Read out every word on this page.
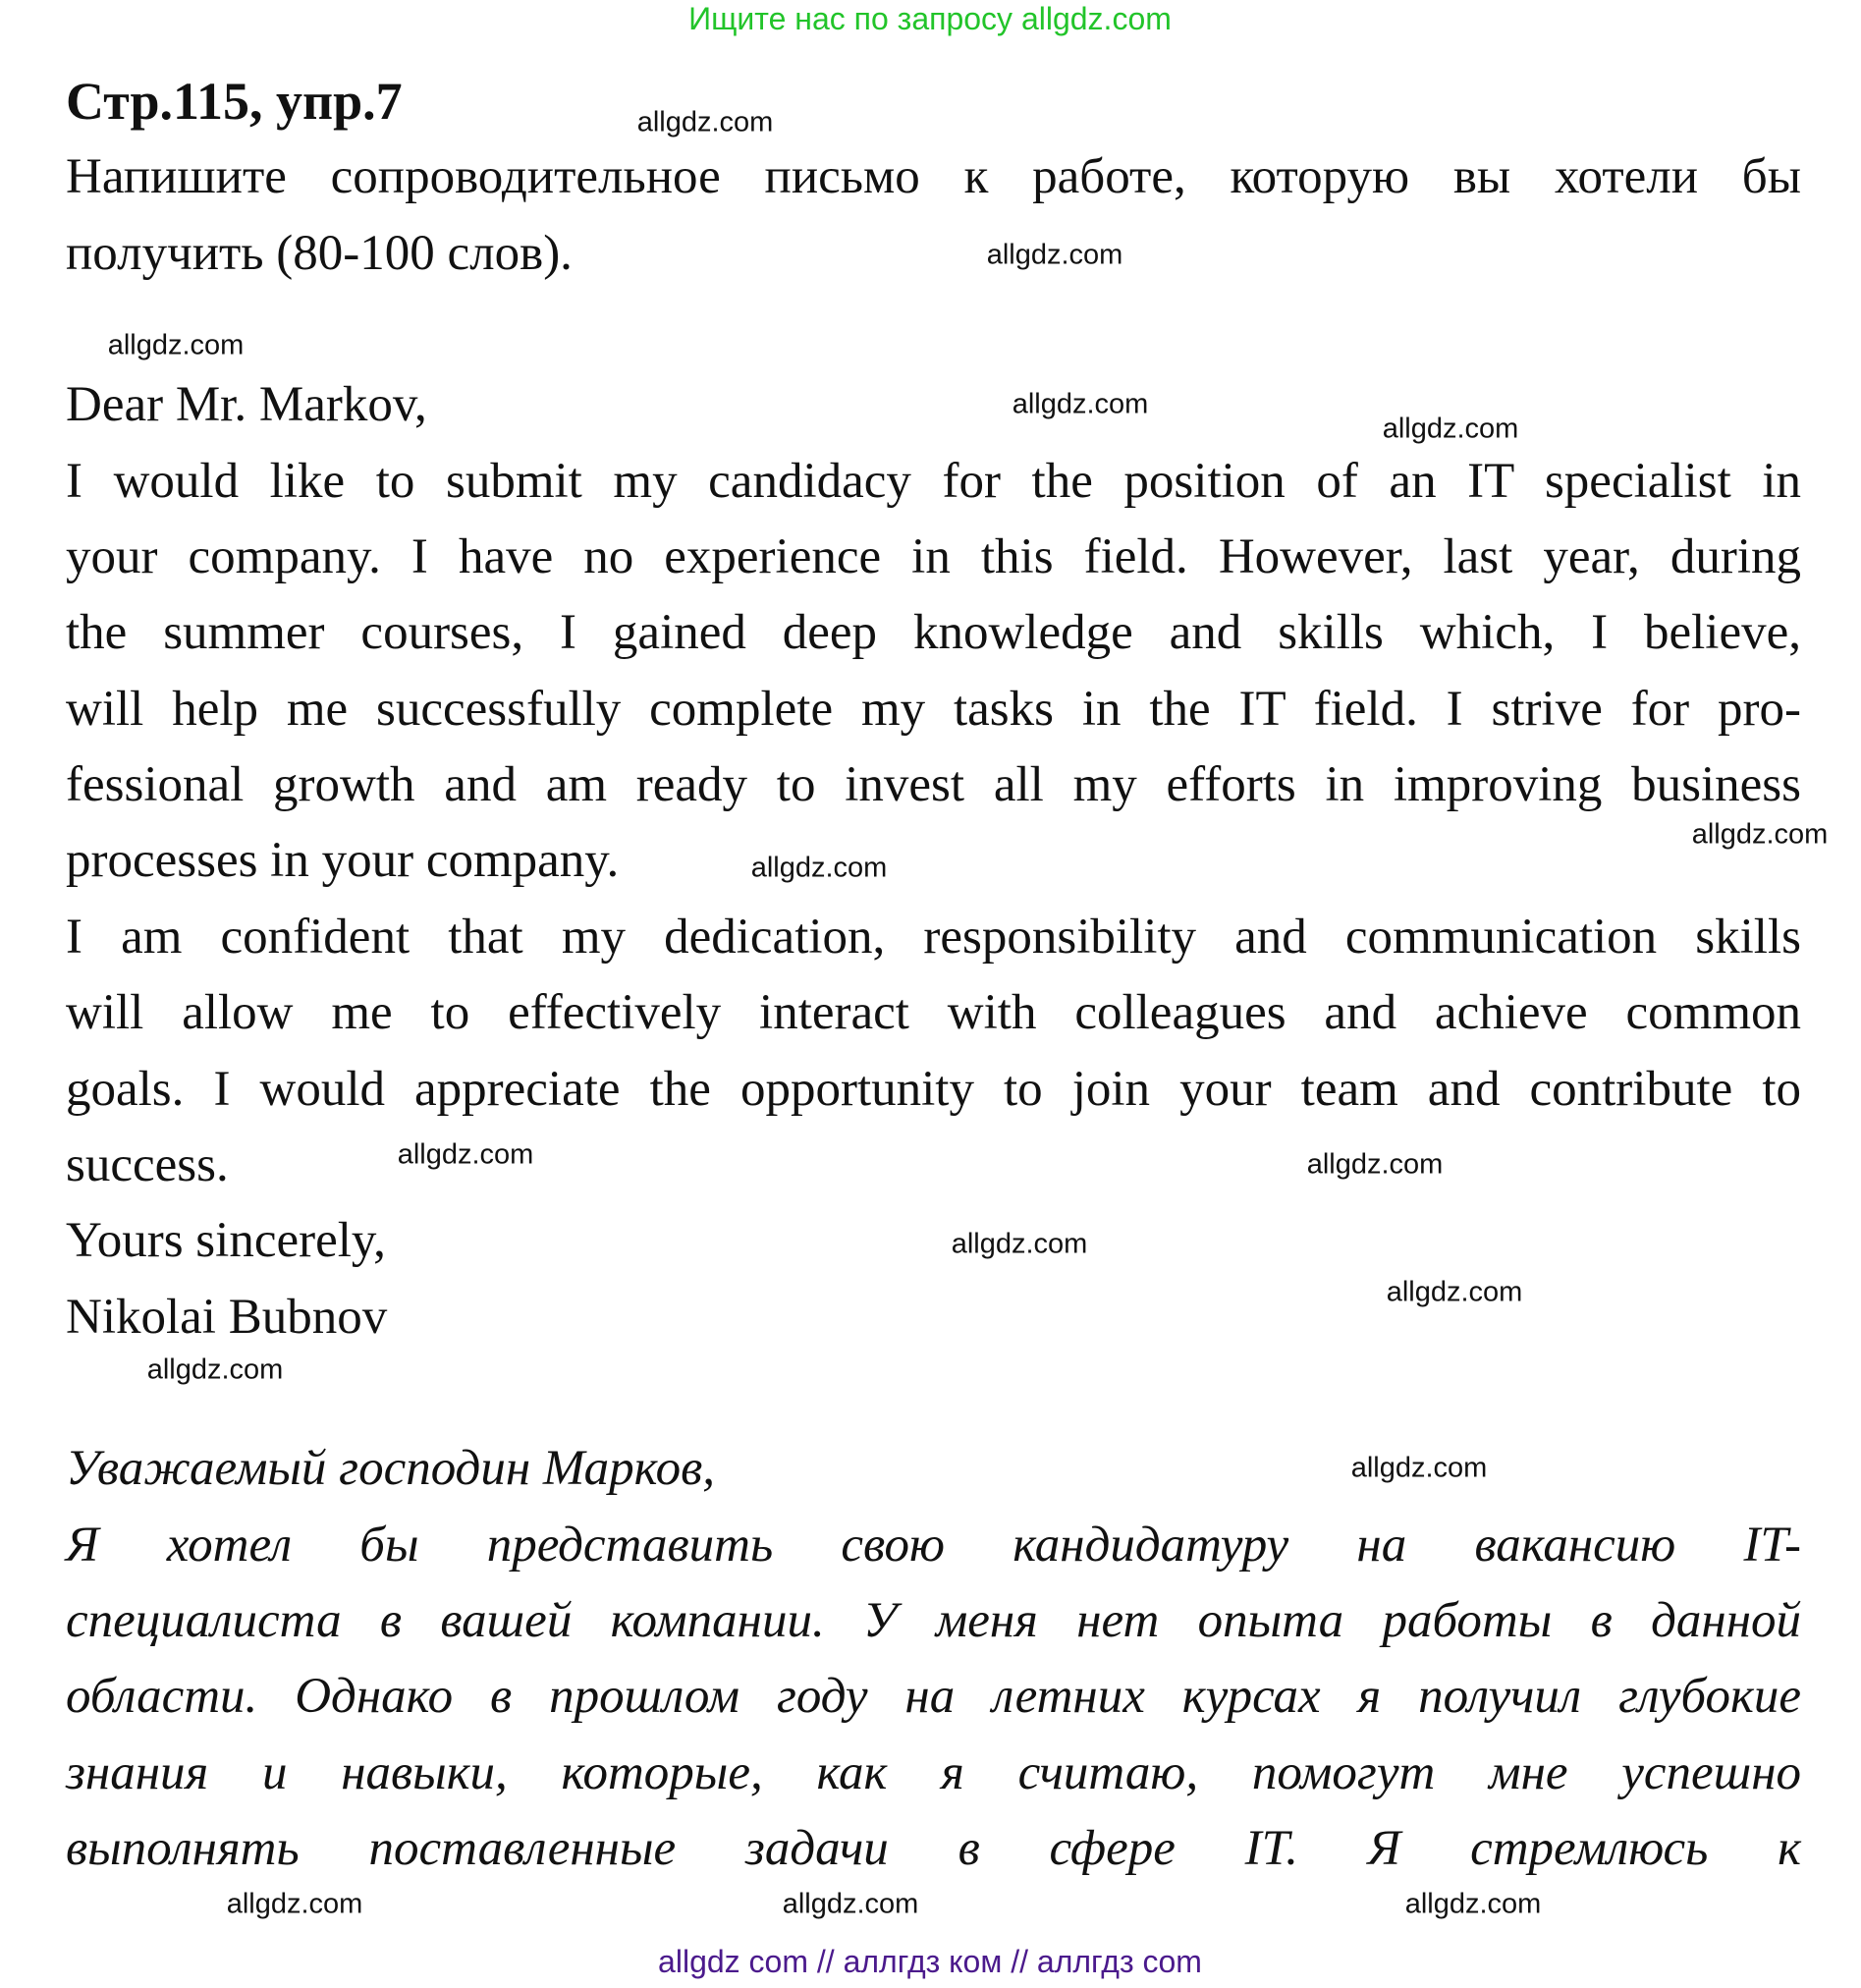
Ищите нас по запросу allgdz.com
Стр.115, упр.7
Напишите сопроводительное письмо к работе, которую вы хотели бы
получить (80-100 слов).
Dear Mr. Markov,
I would like to submit my candidacy for the position of an IT specialist in
your company. I have no experience in this field. However, last year, during
the summer courses, I gained deep knowledge and skills which, I believe,
will help me successfully complete my tasks in the IT field. I strive for pro-
fessional growth and am ready to invest all my efforts in improving business
processes in your company.
I am confident that my dedication, responsibility and communication skills
will allow me to effectively interact with colleagues and achieve common
goals. I would appreciate the opportunity to join your team and contribute to
success.
Yours sincerely,
Nikolai Bubnov
Уважаемый господин Марков,
Я хотел бы представить свою кандидатуру на вакансию IT-
специалиста в вашей компании. У меня нет опыта работы в данной
области. Однако в прошлом году на летних курсах я получил глубокие
знания и навыки, которые, как я считаю, помогут мне успешно
выполнять поставленные задачи в сфере IT. Я стремлюсь к
allgdz.com
allgdz.com
allgdz.com
allgdz.com
allgdz.com
allgdz.com
allgdz.com
allgdz.com
allgdz.com
allgdz.com
allgdz.com
allgdz.com
allgdz.com
allgdz.com
allgdz.com	allgdz.com
allgdz com // аллгдз ком // аллгдз com
